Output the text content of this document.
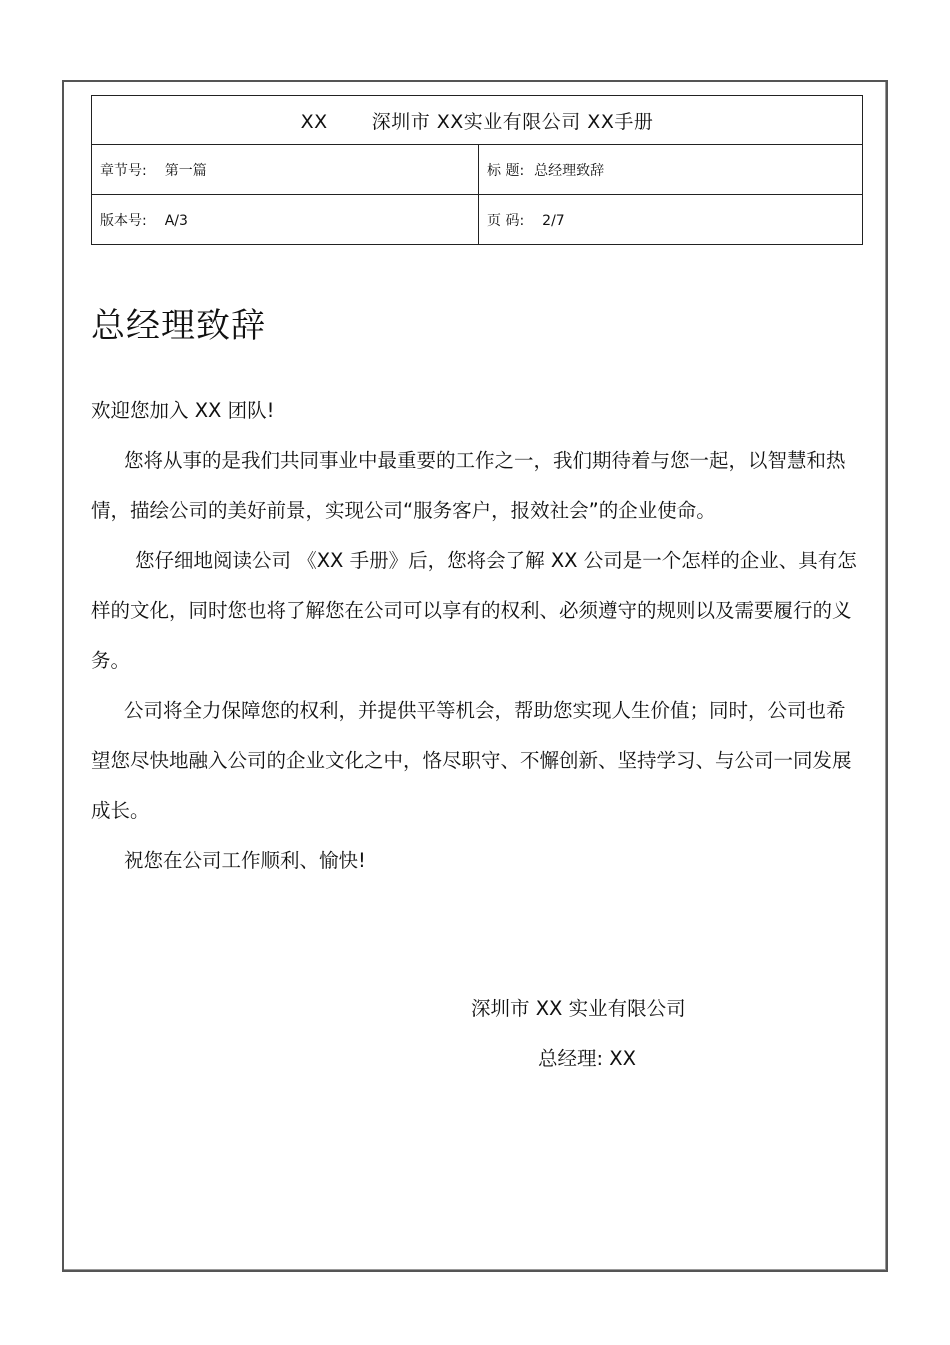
XX 深圳市 XX实业有限公司 XX手册	
章节号: 第一篇	标 题: 总经理致辞
版本号: A/3	页 码: 2/7
总经理致辞

欢迎您加入 XX 团队!

您将从事的是我们共同事业中最重要的工作之一，我们期待着与您一起，以智慧和热情，描绘公司的美好前景，实现公司“服务客户，报效社会”的企业使命。

您仔细地阅读公司 《XX 手册》后，您将会了解 XX 公司是一个怎样的企业、具有怎样的文化，同时您也将了解您在公司可以享有的权利、必须遵守的规则以及需要履行的义务。

公司将全力保障您的权利，并提供平等机会，帮助您实现人生价值；同时，公司也希望您尽快地融入公司的企业文化之中，恪尽职守、不懈创新、坚持学习、与公司一同发展成长。

祝您在公司工作顺利、愉快!

深圳市 XX 实业有限公司
总经理: XX
